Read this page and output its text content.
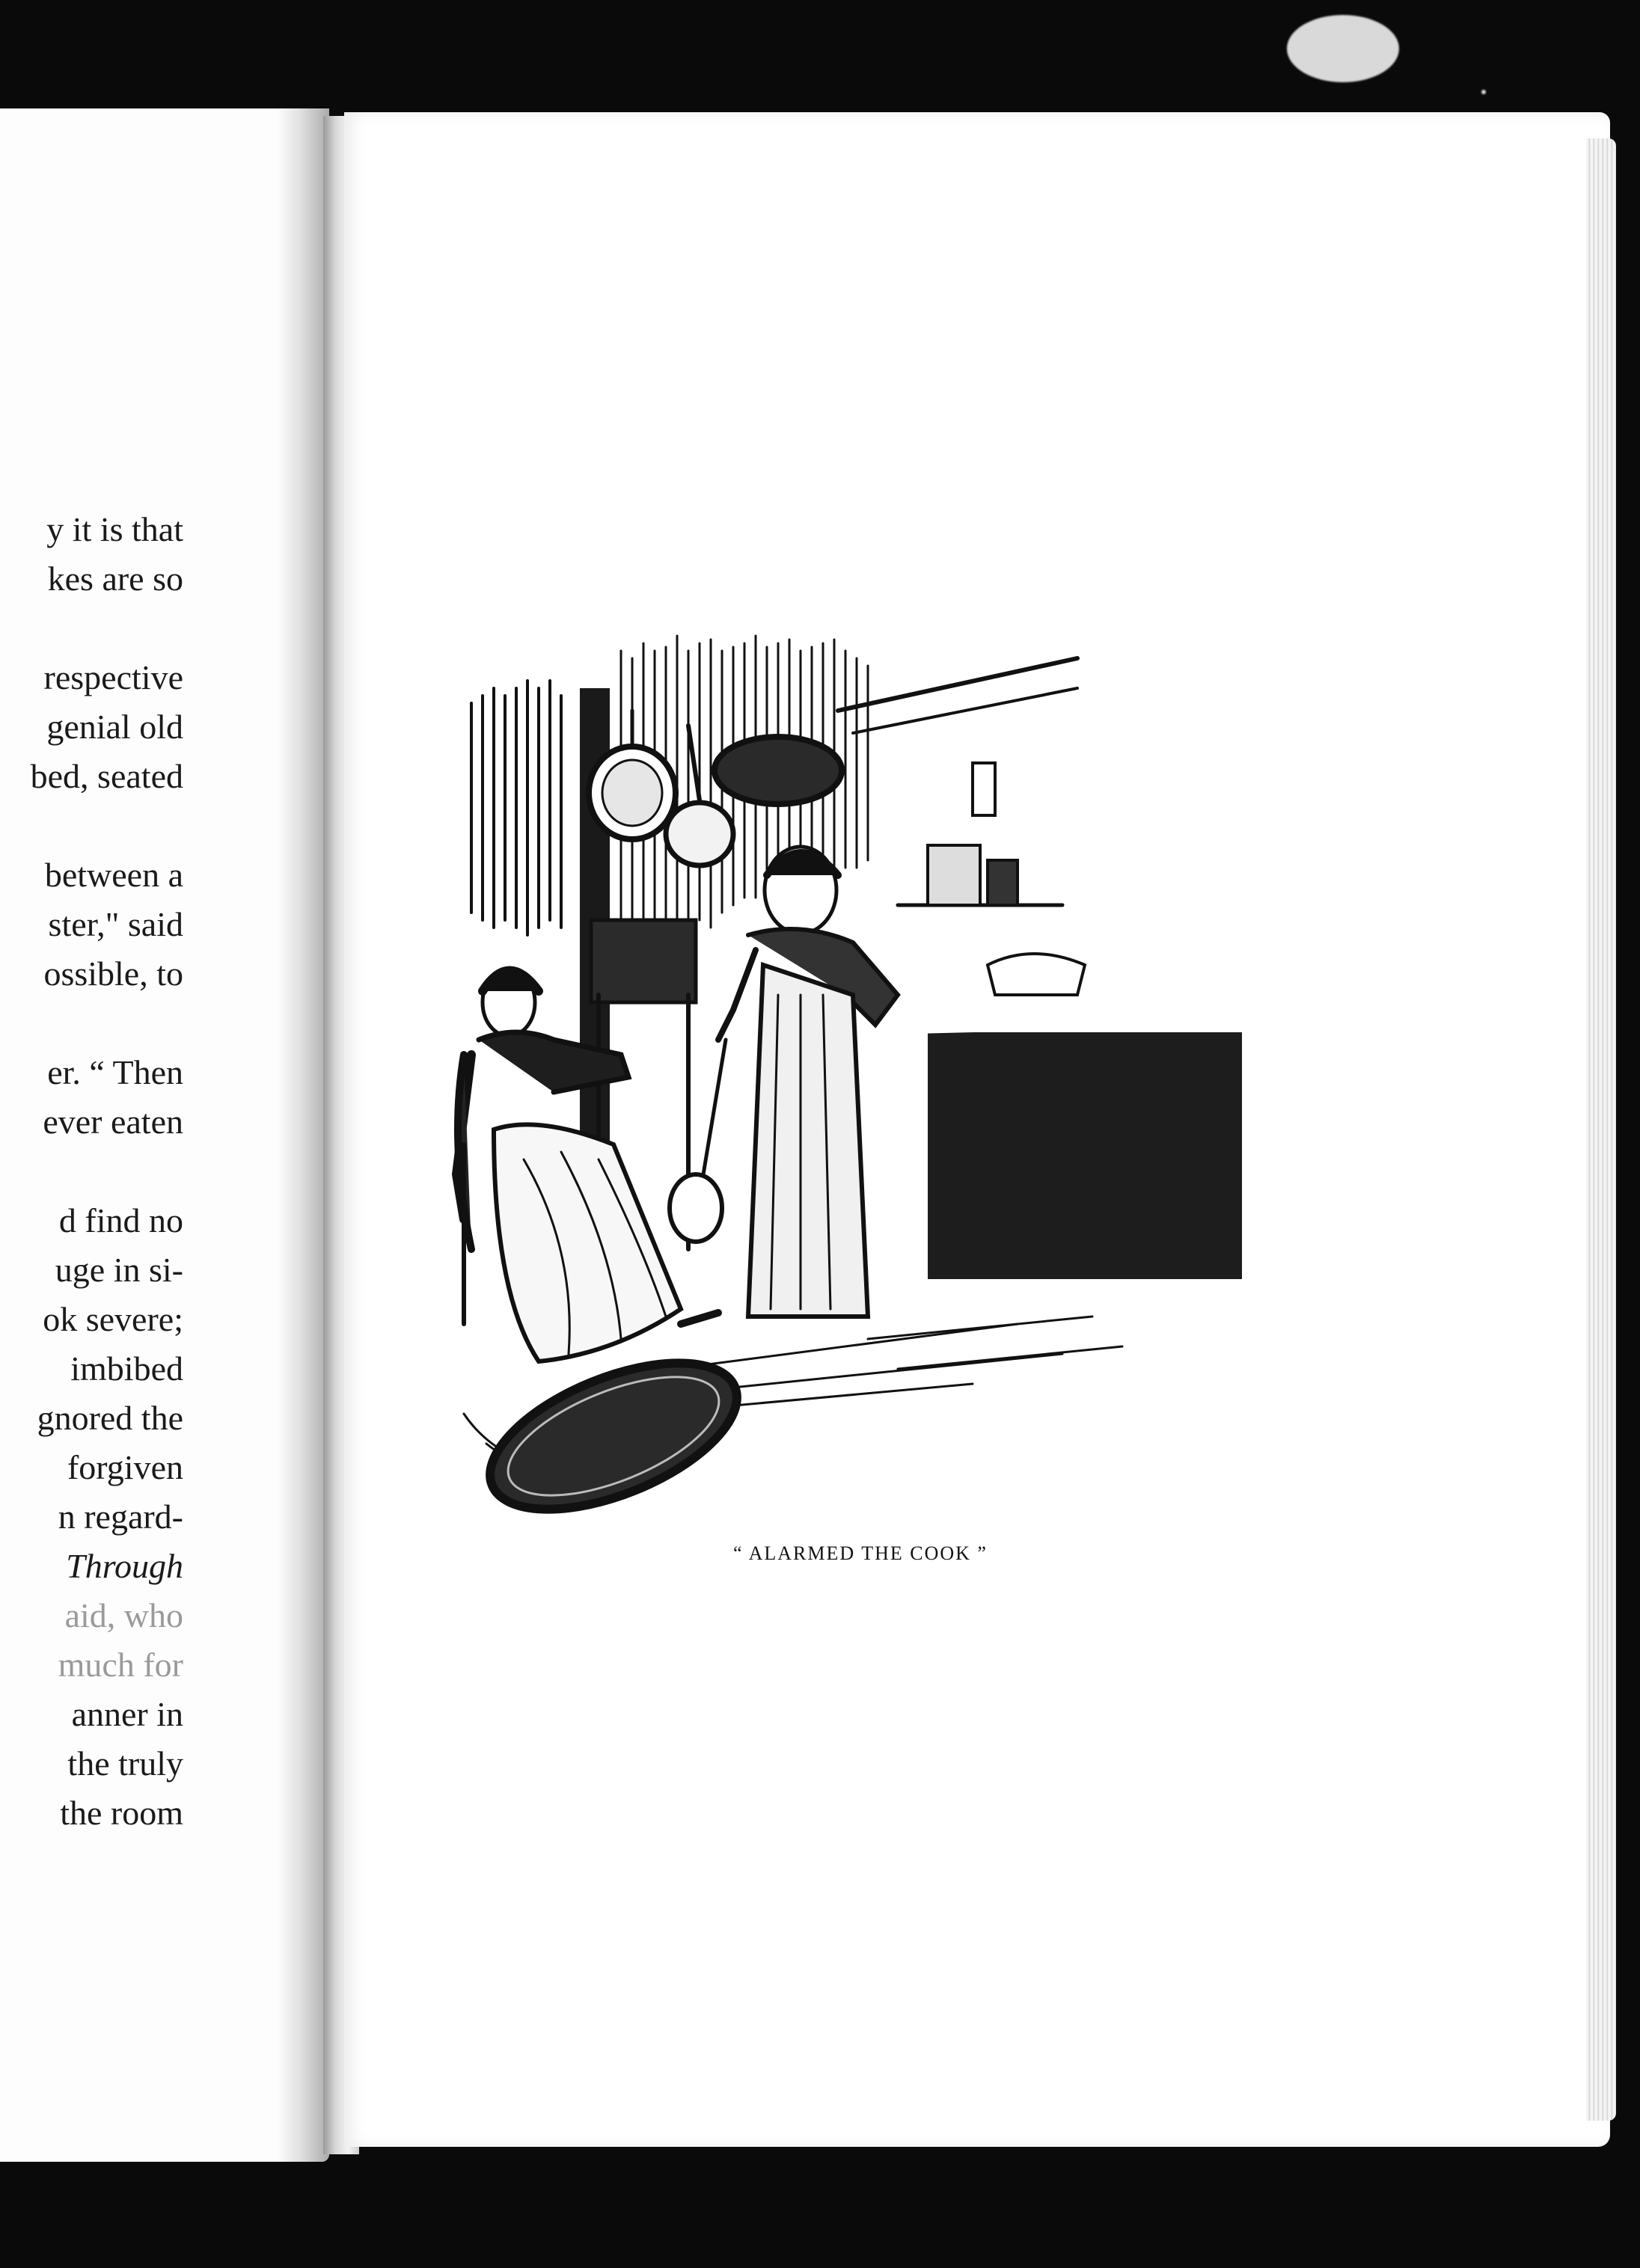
y it is that
kes are so
respective
genial old
bed, seated
between a
ster," said
ossible, to
er. “ Then
ever eaten
d find no
uge in si-
ok severe;
imbibed
gnored the
forgiven
n regard-
Through
aid, who
much for
anner in
the truly
the room
“ ALARMED THE COOK ”
